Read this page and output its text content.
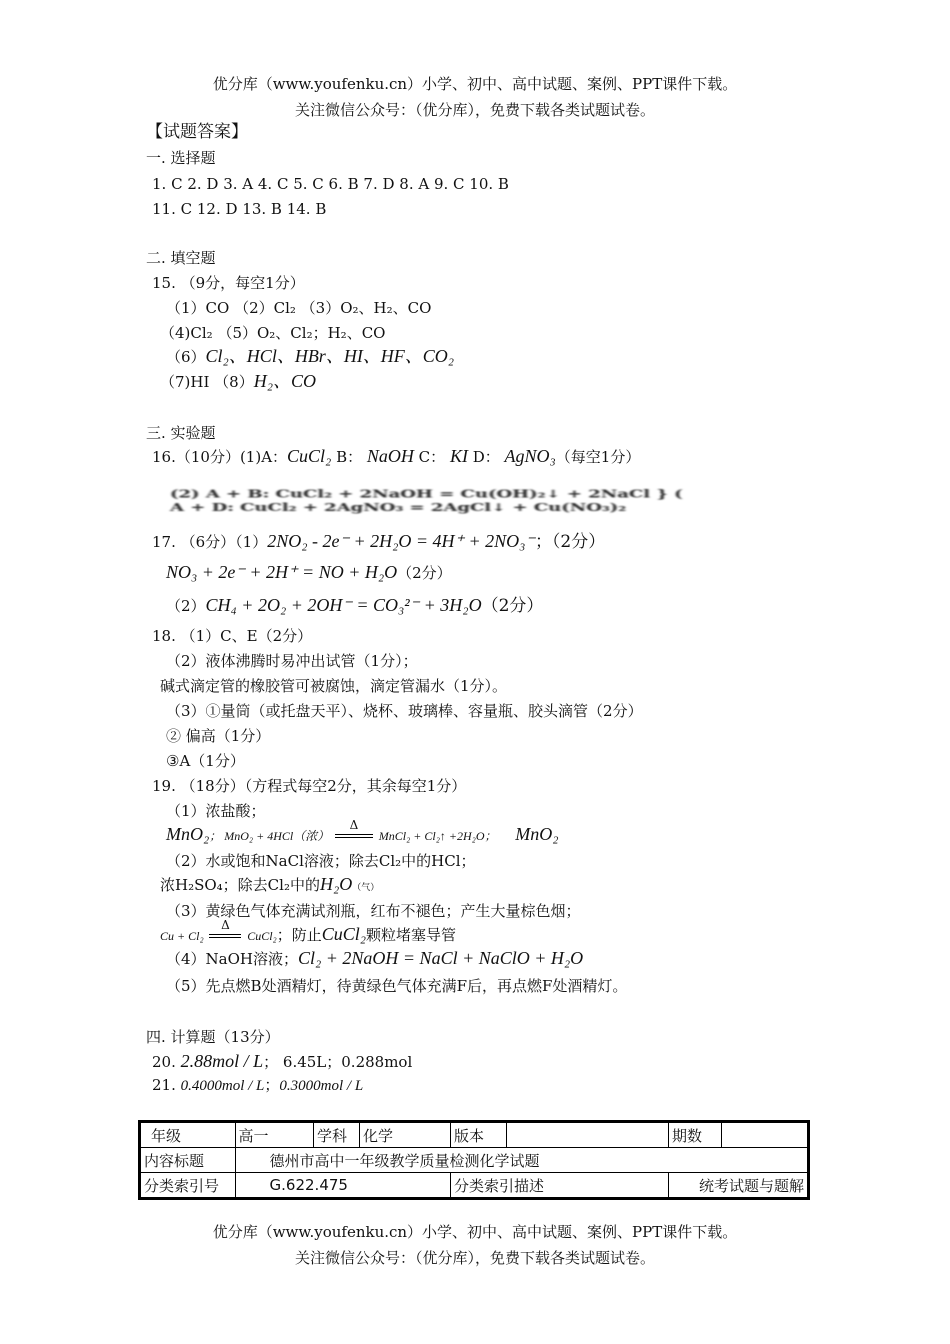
优分库（www.youfenku.cn）小学、初中、高中试题、案例、PPT课件下载。
关注微信公众号：（优分库），免费下载各类试题试卷。
【试题答案】
一. 选择题
1. C 2. D 3. A 4. C 5. C 6. B 7. D 8. A 9. C 10. B
11. C 12. D 13. B 14. B
二. 填空题
15. （9分，每空1分）
（1）CO （2）Cl₂ （3）O₂、H₂、CO
（4)Cl₂ （5）O₂、Cl₂；H₂、CO
（6）Cl₂、HCl、HBr、HI、HF、CO₂
（7)HI （8）H₂、CO
三. 实验题
16.（10分）(1)A：CuCl₂ B： NaOH C： KI D： AgNO₃（每空1分）
(2) A + B: CuCl₂ + 2NaOH = Cu(OH)₂↓ + 2NaCl } (
A + D: CuCl₂ + 2AgNO₃ = 2AgCl↓ + Cu(NO₃)₂
17. （6分）（1）2NO₂ - 2e⁻ + 2H₂O = 4H⁺ + 2NO₃⁻；（2分）
NO₃ + 2e⁻ + 2H⁺ = NO + H₂O（2分）
（2）CH₄ + 2O₂ + 2OH⁻ = CO₃²⁻ + 3H₂O（2分）
18. （1）C、E（2分）
（2）液体沸腾时易冲出试管（1分）；
碱式滴定管的橡胶管可被腐蚀，滴定管漏水（1分）。
（3）①量筒（或托盘天平）、烧杯、玻璃棒、容量瓶、胶头滴管（2分）
② 偏高（1分）
③A（1分）
19. （18分）（方程式每空2分，其余每空1分）
（1）浓盐酸；
MnO₂； MnO₂ + 4HCl（浓）
Δ
MnCl₂ + Cl₂↑ +2H₂O； MnO₂
（2）水或饱和NaCl溶液；除去Cl₂中的HCl；
浓H₂SO₄；除去Cl₂中的H₂O（气）
（3）黄绿色气体充满试剂瓶，红布不褪色；产生大量棕色烟；
Cu + Cl₂
Δ
CuCl₂；防止CuCl₂颗粒堵塞导管
（4）NaOH溶液；Cl₂ + 2NaOH = NaCl + NaClO + H₂O
（5）先点燃B处酒精灯，待黄绿色气体充满F后，再点燃F处酒精灯。
四. 计算题（13分）
20. 2.88mol / L； 6.45L；0.288mol
21. 0.4000mol / L；0.3000mol / L
年级	高一	学科	化学	版本		期数	
内容标题	德州市高中一年级教学质量检测化学试题						
分类索引号	G.622.475			分类索引描述		统考试题与题解	
优分库（www.youfenku.cn）小学、初中、高中试题、案例、PPT课件下载。
关注微信公众号：（优分库），免费下载各类试题试卷。
